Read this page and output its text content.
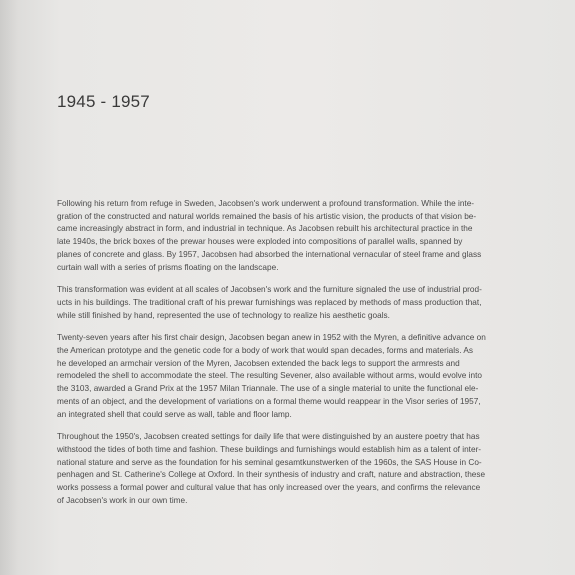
1945 - 1957

Following his return from refuge in Sweden, Jacobsen's work underwent a profound transformation. While the inte-
gration of the constructed and natural worlds remained the basis of his artistic vision, the products of that vision be-
came increasingly abstract in form, and industrial in technique. As Jacobsen rebuilt his architectural practice in the
late 1940s, the brick boxes of the prewar houses were exploded into compositions of parallel walls, spanned by
planes of concrete and glass. By 1957, Jacobsen had absorbed the international vernacular of steel frame and glass
curtain wall with a series of prisms floating on the landscape.

This transformation was evident at all scales of Jacobsen's work and the furniture signaled the use of industrial prod-
ucts in his buildings. The traditional craft of his prewar furnishings was replaced by methods of mass production that,
while still finished by hand, represented the use of technology to realize his aesthetic goals.

Twenty-seven years after his first chair design, Jacobsen began anew in 1952 with the Myren, a definitive advance on
the American prototype and the genetic code for a body of work that would span decades, forms and materials. As
he developed an armchair version of the Myren, Jacobsen extended the back legs to support the armrests and
remodeled the shell to accommodate the steel. The resulting Sevener, also available without arms, would evolve into
the 3103, awarded a Grand Prix at the 1957 Milan Triannale. The use of a single material to unite the functional ele-
ments of an object, and the development of variations on a formal theme would reappear in the Visor series of 1957,
an integrated shell that could serve as wall, table and floor lamp.

Throughout the 1950's, Jacobsen created settings for daily life that were distinguished by an austere poetry that has
withstood the tides of both time and fashion. These buildings and furnishings would establish him as a talent of inter-
national stature and serve as the foundation for his seminal gesamtkunstwerken of the 1960s, the SAS House in Co-
penhagen and St. Catherine's College at Oxford. In their synthesis of industry and craft, nature and abstraction, these
works possess a formal power and cultural value that has only increased over the years, and confirms the relevance
of Jacobsen's work in our own time.
